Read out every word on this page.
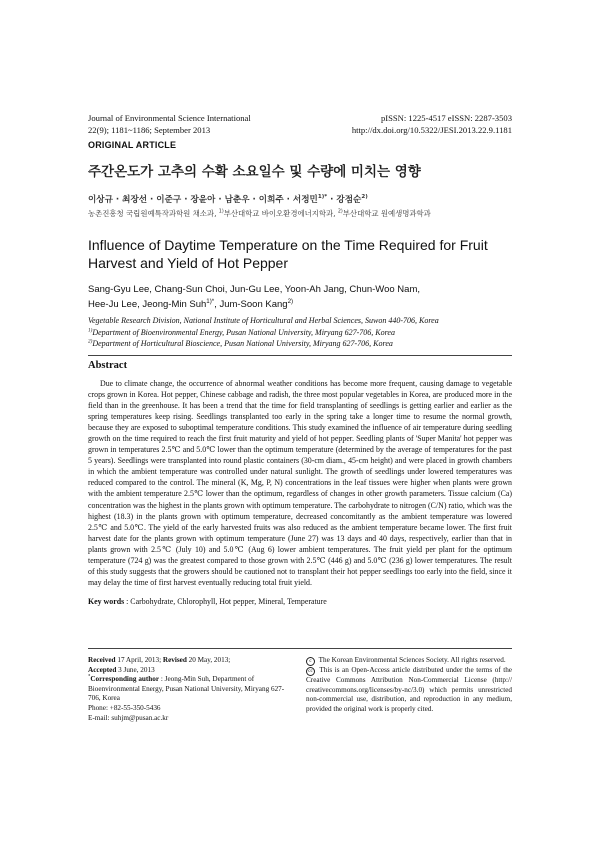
Journal of Environmental Science International
22(9); 1181~1186; September 2013
pISSN: 1225-4517 eISSN: 2287-3503
http://dx.doi.org/10.5322/JESI.2013.22.9.1181
ORIGINAL ARTICLE
주간온도가 고추의 수확 소요일수 및 수량에 미치는 영향
이상규 · 최장선 · 이준구 · 장윤아 · 남춘우 · 이희주 · 서정민$^{1)*}$ · 강점순$^{2)}$
농촌진흥청 국립원예특작과학원 채소과, $^{1)}$부산대학교 바이오환경에너지학과, $^{2)}$부산대학교 원예생명과학과
Influence of Daytime Temperature on the Time Required for Fruit Harvest and Yield of Hot Pepper
Sang-Gyu Lee, Chang-Sun Choi, Jun-Gu Lee, Yoon-Ah Jang, Chun-Woo Nam,
Hee-Ju Lee, Jeong-Min Suh$^{1)*}$, Jum-Soon Kang$^{2)}$
Vegetable Research Division, National Institute of Horticultural and Herbal Sciences, Suwon 440-706, Korea
$^{1)}$Department of Bioenvironmental Energy, Pusan National University, Miryang 627-706, Korea
$^{2)}$Department of Horticultural Bioscience, Pusan National University, Miryang 627-706, Korea
Abstract

Due to climate change, the occurrence of abnormal weather conditions has become more frequent, causing damage to vegetable crops grown in Korea. Hot pepper, Chinese cabbage and radish, the three most popular vegetables in Korea, are produced more in the field than in the greenhouse. It has been a trend that the time for field transplanting of seedlings is getting earlier and earlier as the spring temperatures keep rising. Seedlings transplanted too early in the spring take a longer time to resume the normal growth, because they are exposed to suboptimal temperature conditions. This study examined the influence of air temperature during seedling growth on the time required to reach the first fruit maturity and yield of hot pepper. Seedling plants of 'Super Manita' hot pepper was grown in temperatures 2.5℃ and 5.0℃ lower than the optimum temperature (determined by the average of temperatures for the past 5 years). Seedlings were transplanted into round plastic containers (30-cm diam., 45-cm height) and were placed in growth chambers in which the ambient temperature was controlled under natural sunlight. The growth of seedlings under lowered temperatures was reduced compared to the control. The mineral (K, Mg, P, N) concentrations in the leaf tissues were higher when plants were grown with the ambient temperature 2.5℃ lower than the optimum, regardless of changes in other growth parameters. Tissue calcium (Ca) concentration was the highest in the plants grown with optimum temperature. The carbohydrate to nitrogen (C/N) ratio, which was the highest (18.3) in the plants grown with optimum temperature, decreased concomitantly as the ambient temperature was lowered 2.5℃ and 5.0℃. The yield of the early harvested fruits was also reduced as the ambient temperature became lower. The first fruit harvest date for the plants grown with optimum temperature (June 27) was 13 days and 40 days, respectively, earlier than that in plants grown with 2.5℃ (July 10) and 5.0℃ (Aug 6) lower ambient temperatures. The fruit yield per plant for the optimum temperature (724 g) was the greatest compared to those grown with 2.5℃ (446 g) and 5.0℃ (236 g) lower temperatures. The result of this study suggests that the growers should be cautioned not to transplant their hot pepper seedlings too early into the field, since it may delay the time of first harvest eventually reducing total fruit yield.

Key words : Carbohydrate, Chlorophyll, Hot pepper, Mineral, Temperature
Received 17 April, 2013; Revised 20 May, 2013;
Accepted 3 June, 2013
*Corresponding author : Jeong-Min Suh, Department of Bioenvironmental Energy, Pusan National University, Miryang 627-706, Korea
Phone: +82-55-350-5436
E-mail: suhjm@pusan.ac.kr
c The Korean Environmental Sciences Society. All rights reserved.
cc This is an Open-Access article distributed under the terms of the Creative Commons Attribution Non-Commercial License (http:// creativecommons.org/licenses/by-nc/3.0) which permits unrestricted non-commercial use, distribution, and reproduction in any medium, provided the original work is properly cited.
